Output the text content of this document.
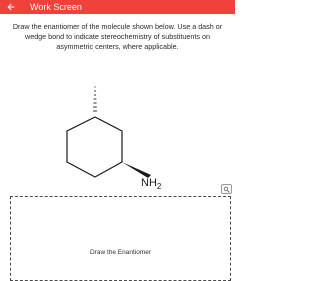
Work Screen
Draw the enantiomer of the molecule shown below. Use a dash or wedge bond to indicate stereochemistry of substituents on asymmetric centers, where applicable.
$NH_2$
Draw the Enantiomer
